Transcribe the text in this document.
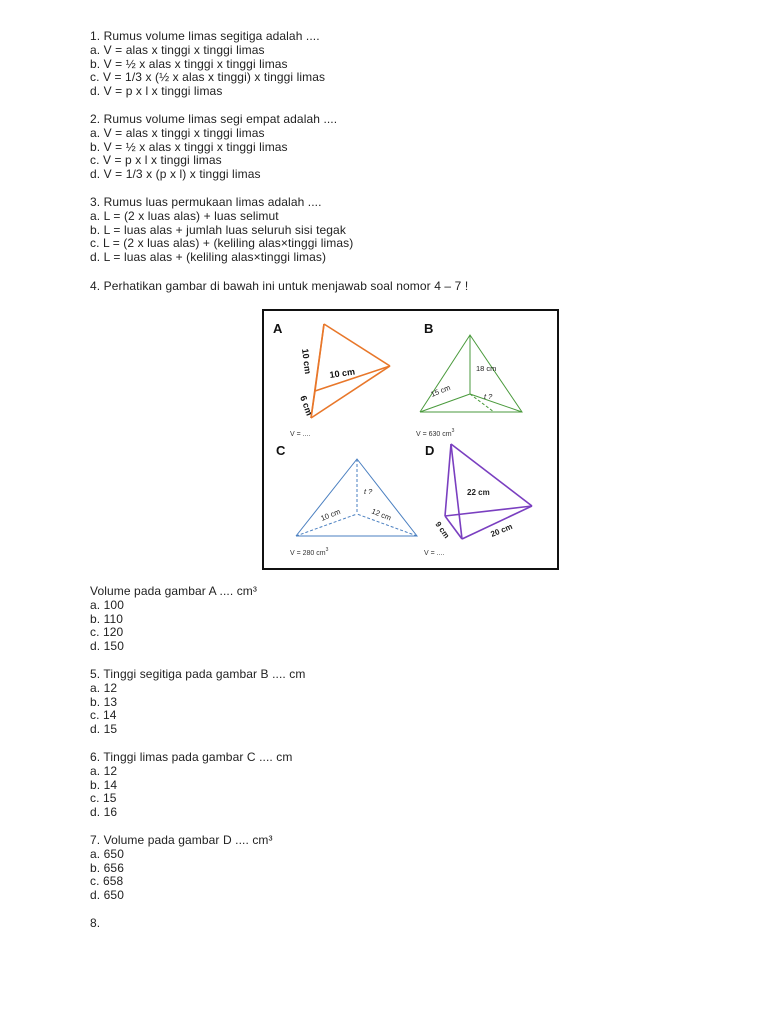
1. Rumus volume limas segitiga adalah ....
a. V = alas x tinggi x tinggi limas
b. V = ½ x alas x tinggi x tinggi limas
c. V = 1/3 x (½ x alas x tinggi) x tinggi limas
d. V = p x l x tinggi limas
2. Rumus volume limas segi empat adalah ....
a. V = alas x tinggi x tinggi limas
b. V = ½ x alas x tinggi x tinggi limas
c. V = p x l x tinggi limas
d. V = 1/3 x (p x l) x tinggi limas
3. Rumus luas permukaan limas adalah ....
a. L = (2 x luas alas) + luas selimut
b. L = luas alas + jumlah luas seluruh sisi tegak
c. L = (2 x luas alas) + (keliling alas×tinggi limas)
d. L = luas alas + (keliling alas×tinggi limas)
4. Perhatikan gambar di bawah ini untuk menjawab soal nomor 4 – 7 !
A
10 cm 10 cm
6 cm
V = ....
B
18 cm
15 cm	t ?
V = 630 $cm^3$
C
t ?
10 cm	12 cm
V = 280 $cm^3$
D
22 cm
9 cm	20 cm
V = ....
Volume pada gambar A .... cm³
a. 100
b. 110
c. 120
d. 150
5. Tinggi segitiga pada gambar B .... cm
a. 12
b. 13
c. 14
d. 15
6. Tinggi limas pada gambar C .... cm
a. 12
b. 14
c. 15
d. 16
7. Volume pada gambar D .... cm³
a. 650
b. 656
c. 658
d. 650
8.
